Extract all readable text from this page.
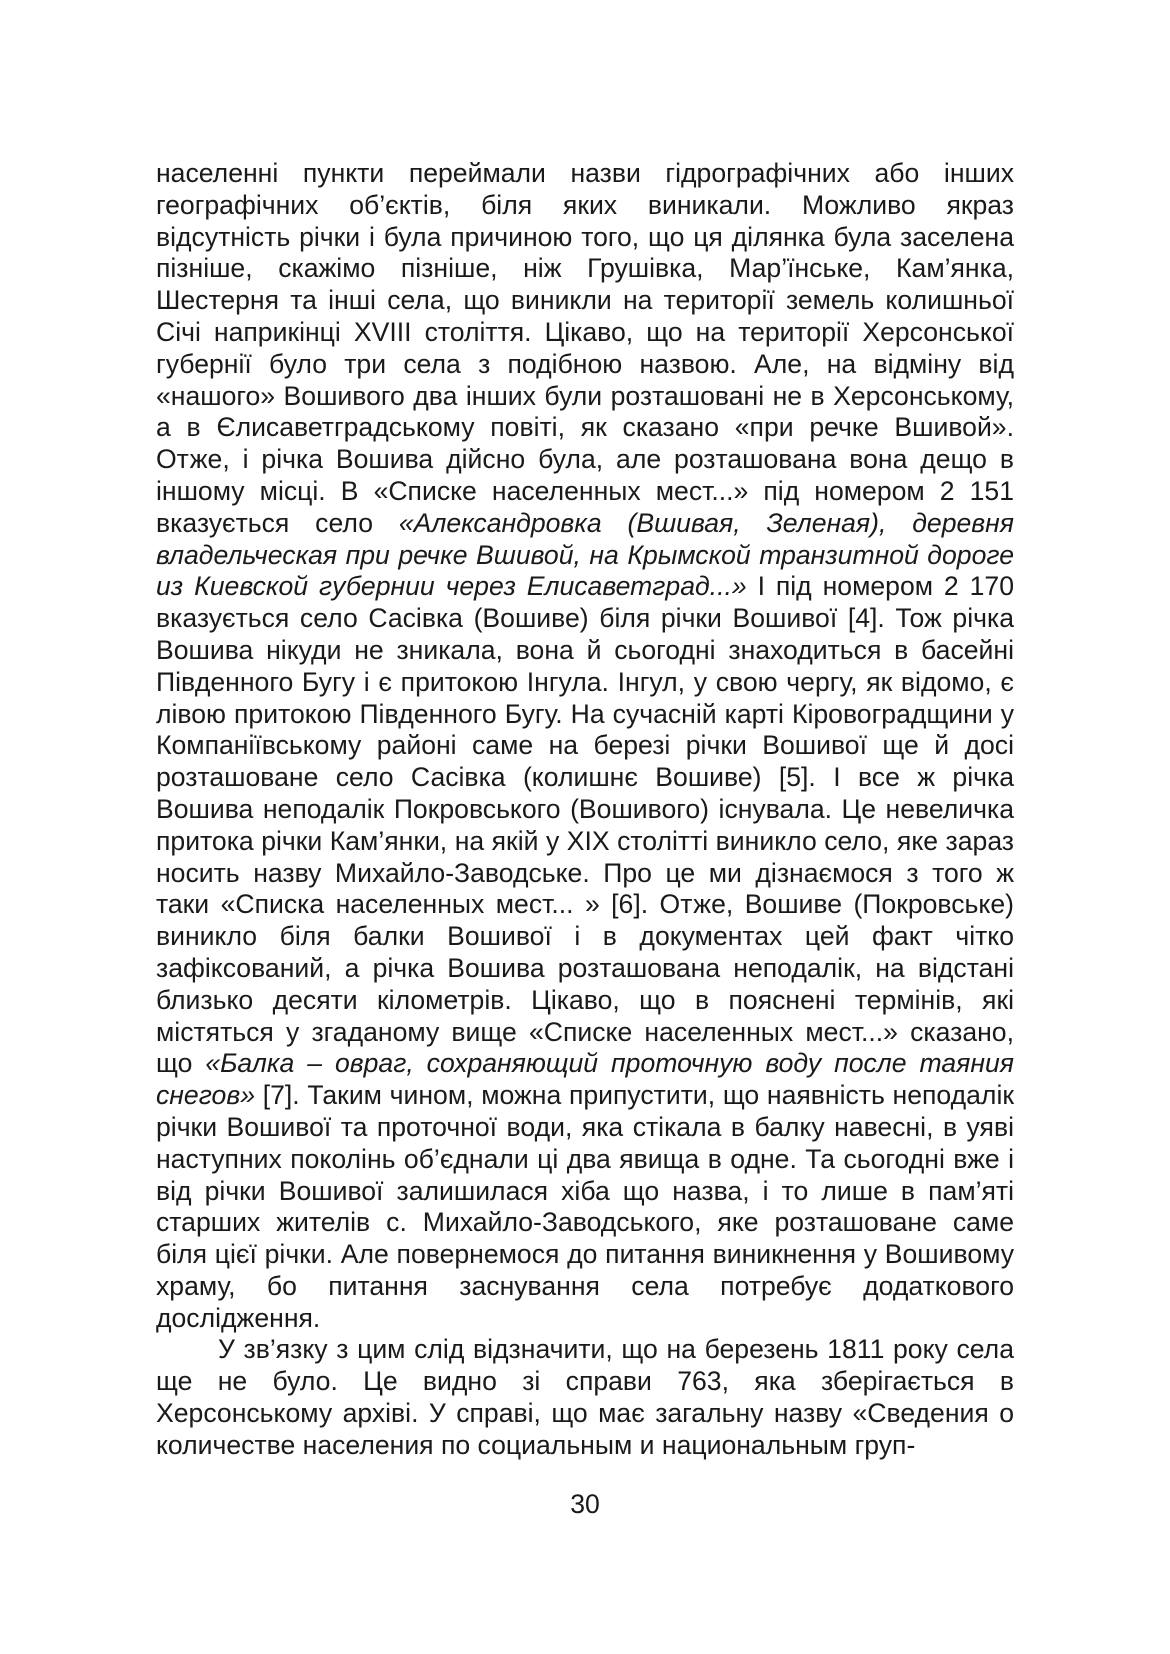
населенні пункти переймали назви гідрографічних або інших географічних об’єктів, біля яких виникали. Можливо якраз відсутність річки і була причиною того, що ця ділянка була заселена пізніше, скажімо пізніше, ніж Грушівка, Мар’їнське, Кам’янка, Шестерня та інші села, що виникли на території земель колишньої Січі наприкінці XVIII століття. Цікаво, що на території Херсонської губернії було три села з подібною назвою. Але, на відміну від «нашого» Вошивого два інших були розташовані не в Херсонському, а в Єлисаветградському повіті, як сказано «при речке Вшивой». Отже, і річка Вошива дійсно була, але розташована вона дещо в іншому місці. В «Списке населенных мест...» під номером 2 151 вказується село «Александровка (Вшивая, Зеленая), деревня владельческая при речке Вшивой, на Крымской транзитной дороге из Киевской губернии через Елисаветград...» І під номером 2 170 вказується село Сасівка (Вошиве) біля річки Вошивої [4]. Тож річка Вошива нікуди не зникала, вона й сьогодні знаходиться в басейні Південного Бугу і є притокою Інгула. Інгул, у свою чергу, як відомо, є лівою притокою Південного Бугу. На сучасній карті Кіровоградщини у Компаніївському районі саме на березі річки Вошивої ще й досі розташоване село Сасівка (колишнє Вошиве) [5]. І все ж річка Вошива неподалік Покровського (Вошивого) існувала. Це невеличка притока річки Кам’янки, на якій у XIX столітті виникло село, яке зараз носить назву Михайло-Заводське. Про це ми дізнаємося з того ж таки «Списка населенных мест... » [6]. Отже, Вошиве (Покровське) виникло біля балки Вошивої і в документах цей факт чітко зафіксований, а річка Вошива розташована неподалік, на відстані близько десяти кілометрів. Цікаво, що в пояснені термінів, які містяться у згаданому вище «Списке населенных мест...» сказано, що «Балка – овраг, сохраняющий проточную воду после таяния снегов» [7]. Таким чином, можна припустити, що наявність неподалік річки Вошивої та проточної води, яка стікала в балку навесні, в уяві наступних поколінь об’єднали ці два явища в одне. Та сьогодні вже і від річки Вошивої залишилася хіба що назва, і то лише в пам’яті старших жителів с. Михайло-Заводського, яке розташоване саме біля цієї річки. Але повернемося до питання виникнення у Вошивому храму, бо питання заснування села потребує додаткового дослідження.

У зв’язку з цим слід відзначити, що на березень 1811 року села ще не було. Це видно зі справи 763, яка зберігається в Херсонському архіві. У справі, що має загальну назву «Сведения о количестве населения по социальным и национальным груп-

30
